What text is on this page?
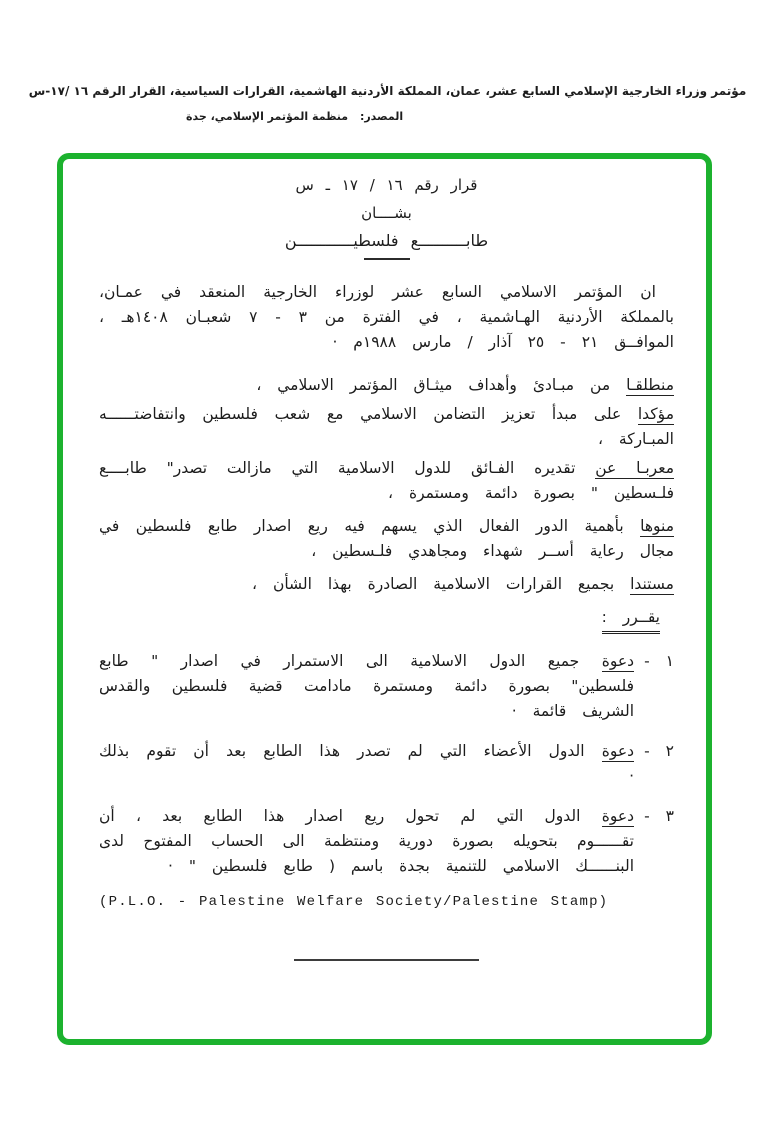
مؤتمر وزراء الخارجية الإسلامي السابع عشر، عمان، المملكة الأردنية الهاشمية، القرارات السياسية، القرار الرقم ١٦ /١٧-س
المصدر: منظمة المؤتمر الإسلامي، جدة
قرار رقم ١٦ / ١٧ ـ س
بشــــان
طابــــــــــع فلسطيــــــــــــن
ان المؤتمر الاسلامي السابع عشر لوزراء الخارجية المنعقد في عمـان، بالمملكة الأردنية الهـاشمية ، في الفترة من ٣ - ٧ شعبـان ١٤٠٨هـ ، الموافــق ٢١ - ٢٥ آذار / مارس ١٩٨٨م ·
منطلقـا من مبـادئ وأهداف ميثـاق المؤتمر الاسلامي ،
مؤكدا على مبدأ تعزيز التضامن الاسلامي مع شعب فلسطين وانتفاضتــــــه المبـاركة ،
معربـا عن تقديره الفـائق للدول الاسلامية التي مازالت تصدر" طابــــع فلـسطين " بصورة دائمة ومستمرة ،
منوها بأهمية الدور الفعال الذي يسهم فيه ريع اصدار طابع فلسطين في مجال رعاية أســر شهداء ومجاهدي فلـسطين ،
مستندا بجميع القرارات الاسلامية الصادرة بهذا الشأن ،
يقــرر :
١ -
دعوة جميع الدول الاسلامية الى الاستمرار في اصدار " طابع فلسطين" بصورة دائمة ومستمرة مادامت قضية فلسطين والقدس الشريف قائمة ·
٢ -
دعوة الدول الأعضاء التي لم تصدر هذا الطابع بعد أن تقوم بذلك ·
٣ -
دعوة الدول التي لم تحول ريع اصدار هذا الطابع بعد ، أن تقــــــوم بتحويله بصورة دورية ومنتظمة الى الحساب المفتوح لدى البنــــــك الاسلامي للتنمية بجدة باسم ( طابع فلسطين " ·
(P.L.O. - Palestine Welfare Society/Palestine Stamp)
